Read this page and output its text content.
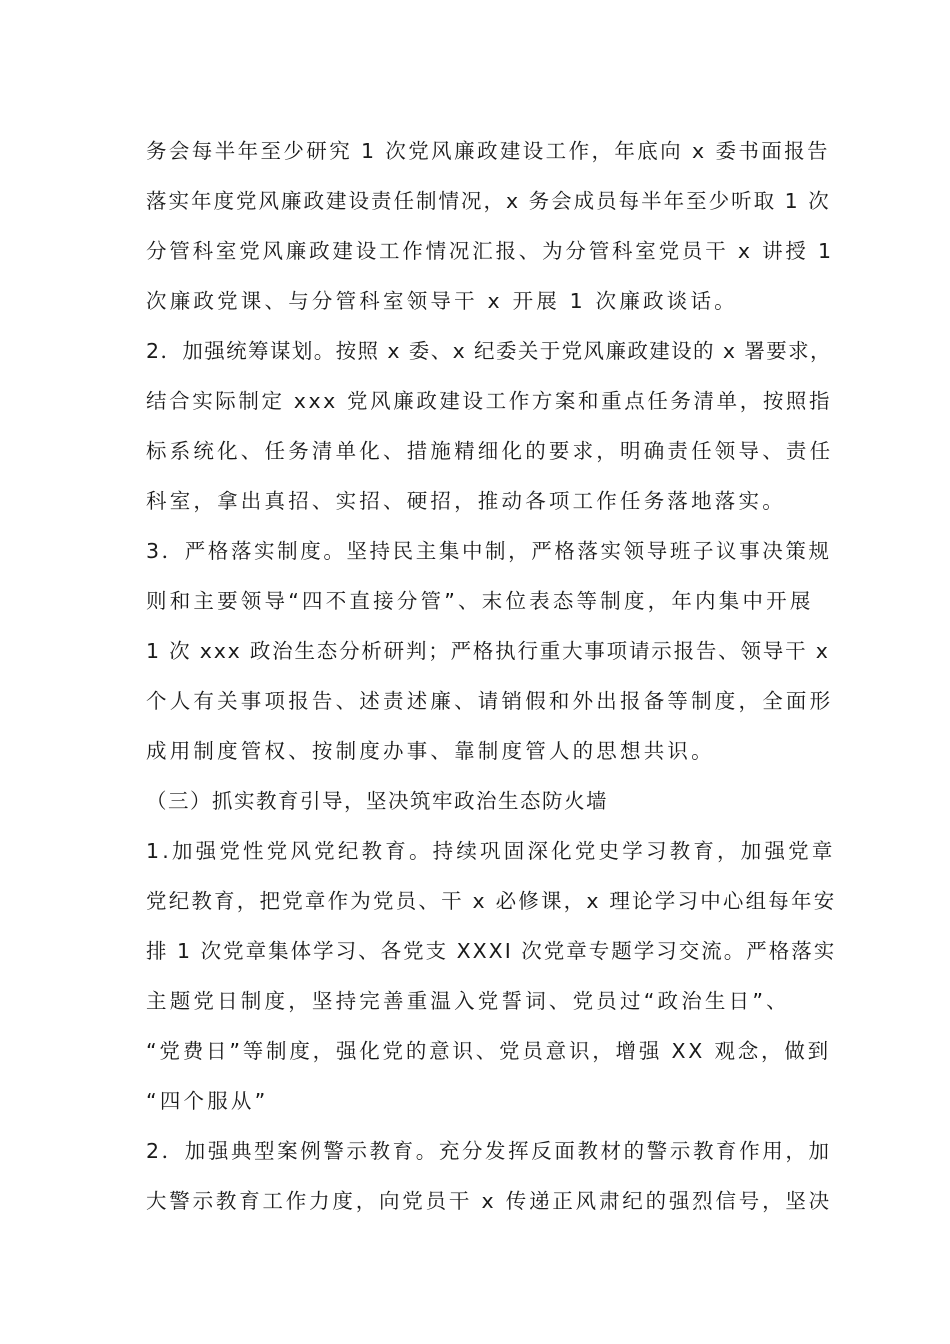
务会每半年至少研究 1 次党风廉政建设工作，年底向 x 委书面报告
落实年度党风廉政建设责任制情况，x 务会成员每半年至少听取 1 次
分管科室党风廉政建设工作情况汇报、为分管科室党员干 x 讲授 1
次廉政党课、与分管科室领导干 x 开展 1 次廉政谈话。
2．加强统筹谋划。按照 x 委、x 纪委关于党风廉政建设的 x 署要求，
结合实际制定 xxx 党风廉政建设工作方案和重点任务清单，按照指
标系统化、任务清单化、措施精细化的要求，明确责任领导、责任
科室，拿出真招、实招、硬招，推动各项工作任务落地落实。
3．严格落实制度。坚持民主集中制，严格落实领导班子议事决策规
则和主要领导“四不直接分管”、末位表态等制度，年内集中开展
1 次 xxx 政治生态分析研判；严格执行重大事项请示报告、领导干 x
个人有关事项报告、述责述廉、请销假和外出报备等制度，全面形
成用制度管权、按制度办事、靠制度管人的思想共识。
（三）抓实教育引导，坚决筑牢政治生态防火墙
1.加强党性党风党纪教育。持续巩固深化党史学习教育，加强党章
党纪教育，把党章作为党员、干 x 必修课，x 理论学习中心组每年安
排 1 次党章集体学习、各党支 XXXI 次党章专题学习交流。严格落实
主题党日制度，坚持完善重温入党誓词、党员过“政治生日”、
“党费日”等制度，强化党的意识、党员意识，增强 XX 观念，做到
“四个服从”
2．加强典型案例警示教育。充分发挥反面教材的警示教育作用，加
大警示教育工作力度，向党员干 x 传递正风肃纪的强烈信号，坚决
